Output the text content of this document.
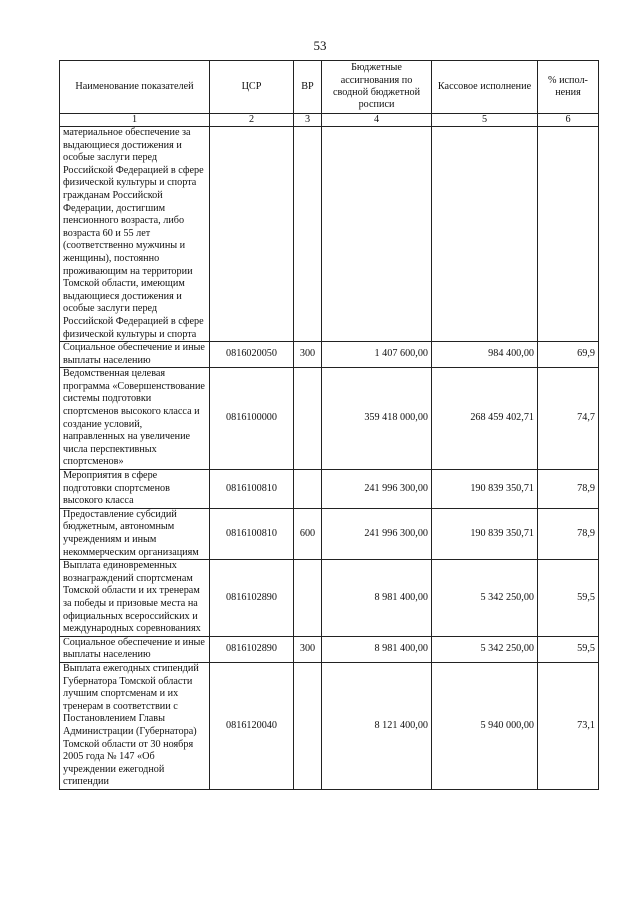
53
Наименование показателей	ЦСР	ВР	Бюджетные ассигнования по сводной бюджетной росписи	Кассовое исполнение	% испол-нения
1	2	3	4	5	6
материальное обеспечение за выдающиеся достижения и особые заслуги перед Российской Федерацией в сфере физической культуры и спорта гражданам Российской Федерации, достигшим пенсионного возраста, либо возраста 60 и 55 лет (соответственно мужчины и женщины), постоянно проживающим на территории Томской области, имеющим выдающиеся достижения и особые заслуги перед Российской Федерацией в сфере физической культуры и спорта					
Социальное обеспечение и иные выплаты населению	0816020050	300	1 407 600,00	984 400,00	69,9
Ведомственная целевая программа «Совершенствование системы подготовки спортсменов высокого класса и создание условий, направленных на увеличение числа перспективных спортсменов»	0816100000		359 418 000,00	268 459 402,71	74,7
Мероприятия в сфере подготовки спортсменов высокого класса	0816100810		241 996 300,00	190 839 350,71	78,9
Предоставление субсидий бюджетным, автономным учреждениям и иным некоммерческим организациям	0816100810	600	241 996 300,00	190 839 350,71	78,9
Выплата единовременных вознаграждений спортсменам Томской области и их тренерам за победы и призовые места на официальных всероссийских и международных соревнованиях	0816102890		8 981 400,00	5 342 250,00	59,5
Социальное обеспечение и иные выплаты населению	0816102890	300	8 981 400,00	5 342 250,00	59,5
Выплата ежегодных стипендий Губернатора Томской области лучшим спортсменам и их тренерам в соответствии с Постановлением Главы Администрации (Губернатора) Томской области от 30 ноября 2005 года № 147 «Об учреждении ежегодной стипендии	0816120040		8 121 400,00	5 940 000,00	73,1
